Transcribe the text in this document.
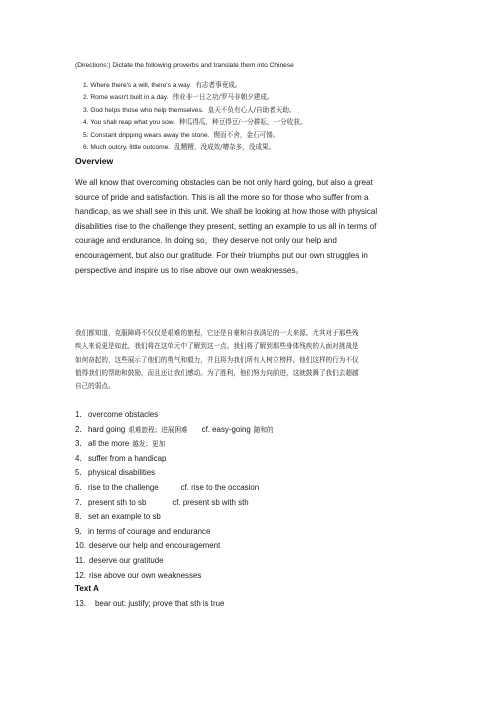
(Directions:) Dictate the following proverbs and translate them into Chinese
1. Where there's a will, there's a way. 有志者事竟成。
2. Rome wasn't built in a day. 伟业非一日之功/罗马非朝夕建成。
3. God helps those who help themselves. 皇天不负有心人/自助者天助。
4. You shall reap what you sow. 种瓜得瓜，种豆得豆/一分耕耘，一分收获。
5. Constant dripping wears away the stone. 锲而不舍，金石可镂。
6. Much outcry, little outcome. 乱糟糟，没成效/嘈杂多，没成果。
Overview

We all know that overcoming obstacles can be not only hard going, but also a great

source of pride and satisfaction. This is all the more so for those who suffer from a

handicap, as we shall see in this unit. We shall be looking at how those with physical

disabilities rise to the challenge they present, setting an example to us all in terms of

courage and endurance. In doing so，they deserve not only our help and

encouragement, but also our gratitude. For their triumphs put our own struggles in

perspective and inspire us to rise above our own weaknesses。

我们都知道，克服障碍不仅仅是艰难的旅程，它还是自豪和自我满足的一大来源。尤其对于那些残

疾人来说更是如此，我们将在这单元中了解到这一点。我们将了解到那些身体残疾的人面对挑战是

如何奋起的，这些展示了他们的勇气和毅力，并且将为我们所有人树立榜样。他们这样的行为不仅

值得我们的帮助和鼓励，而且还让我们感动。为了胜利，他们努力向前进，这就鼓舞了我们去超越

自己的弱点。

1．overcome obstacles
2．hard going 艰难旅程；进展困难 cf. easy-going 随和的
3．all the more 越发；更加
4．suffer from a handicap
5．physical disabilities
6．rise to the challenge	cf. rise to the occasion
7．present sth to sb	cf. present sb with sth
8．set an example to sb
9．in terms of courage and endurance
10. deserve our help and encouragement
11. deserve our gratitude
12. rise above our own weaknesses
Text A
13. bear out: justify; prove that sth is true
